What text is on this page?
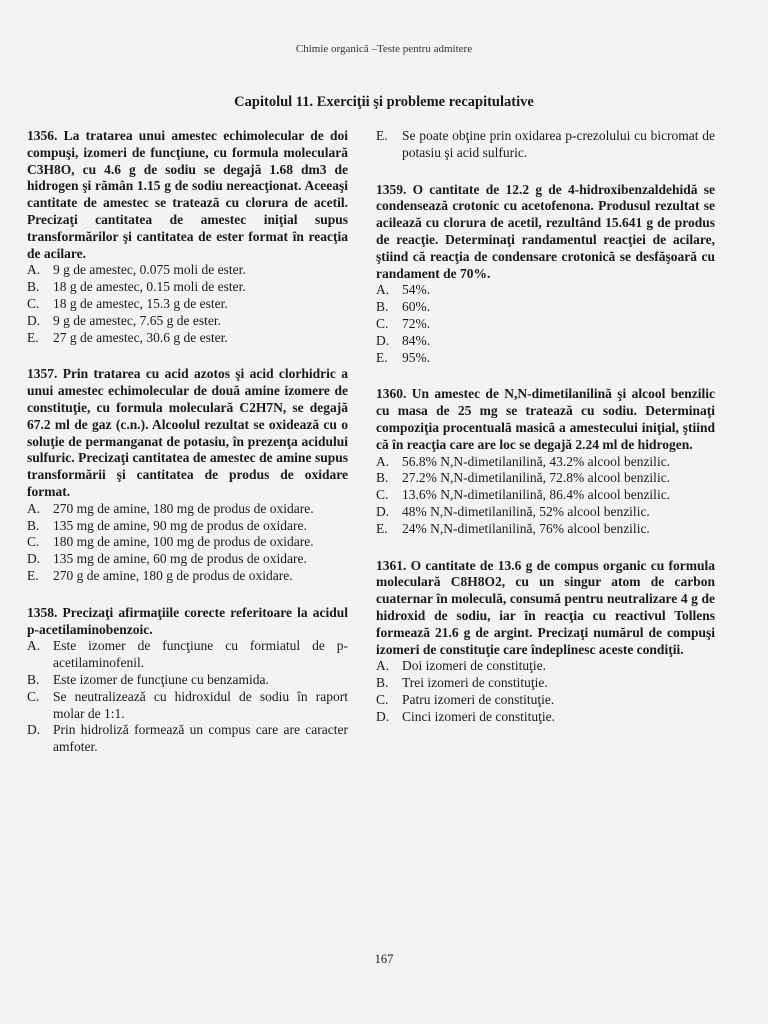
Chimie organică –Teste pentru admitere
Capitolul 11. Exerciţii şi probleme recapitulative

1356. La tratarea unui amestec echimolecular de doi compuşi, izomeri de funcţiune, cu formula moleculară C3H8O, cu 4.6 g de sodiu se degajă 1.68 dm3 de hidrogen şi rămân 1.15 g de sodiu nereacţionat. Aceeaşi cantitate de amestec se tratează cu clorura de acetil. Precizaţi cantitatea de amestec iniţial supus transformărilor şi cantitatea de ester format în reacţia de acilare.

A. 9 g de amestec, 0.075 moli de ester.
B.	18 g de amestec, 0.15 moli de ester.
C.	18 g de amestec, 15.3 g de ester.
D. 9 g de amestec, 7.65 g de ester.
E.	27 g de amestec, 30.6 g de ester.

1357. Prin tratarea cu acid azotos şi acid clorhidric a unui amestec echimolecular de două amine izomere de constituţie, cu formula moleculară C2H7N, se degajă 67.2 ml de gaz (c.n.). Alcoolul rezultat se oxidează cu o soluţie de permanganat de potasiu, în prezenţa acidului sulfuric. Precizaţi cantitatea de amestec de amine supus transformării şi cantitatea de produs de oxidare format.

A. 270 mg de amine, 180 mg de produs de oxidare.
B.	135 mg de amine, 90 mg de produs de oxidare.
C.	180 mg de amine, 100 mg de produs de oxidare.
D. 135 mg de amine, 60 mg de produs de oxidare.
E.	270 g de amine, 180 g de produs de oxidare.

1358. Precizaţi afirmaţiile corecte referitoare la acidul p-acetilaminobenzoic.

A. Este izomer de funcţiune cu formiatul de p-acetilaminofenil.
B.	Este izomer de funcţiune cu benzamida.
C.	Se neutralizează cu hidroxidul de sodiu în raport molar de 1:1.
D. Prin hidroliză formează un compus care are caracter amfoter.
E.	Se poate obţine prin oxidarea p-crezolului cu bicromat de potasiu şi acid sulfuric.

1359. O cantitate de 12.2 g de 4-hidroxibenzaldehidă se condensează crotonic cu acetofenona. Produsul rezultat se acilează cu clorura de acetil, rezultând 15.641 g de produs de reacţie. Determinaţi randamentul reacţiei de acilare, ştiind că reacţia de condensare crotonică se desfăşoară cu randament de 70%.

A. 54%.
B.	60%.
C.	72%.
D. 84%.
E.	95%.

1360. Un amestec de N,N-dimetilanilină şi alcool benzilic cu masa de 25 mg se tratează cu sodiu. Determinaţi compoziţia procentuală masică a amestecului iniţial, ştiind că în reacţia care are loc se degajă 2.24 ml de hidrogen.

A. 56.8% N,N-dimetilanilină, 43.2% alcool benzilic.
B.	27.2% N,N-dimetilanilină, 72.8% alcool benzilic.
C.	13.6% N,N-dimetilanilină, 86.4% alcool benzilic.
D. 48% N,N-dimetilanilină, 52% alcool benzilic.
E.	24% N,N-dimetilanilină, 76% alcool benzilic.

1361. O cantitate de 13.6 g de compus organic cu formula moleculară C8H8O2, cu un singur atom de carbon cuaternar în moleculă, consumă pentru neutralizare 4 g de hidroxid de sodiu, iar în reacţia cu reactivul Tollens formează 21.6 g de argint. Precizaţi numărul de compuşi izomeri de constituţie care îndeplinesc aceste condiţii.

A. Doi izomeri de constituţie.
B.	Trei izomeri de constituţie.
C.	Patru izomeri de constituţie.
D. Cinci izomeri de constituţie.
167
